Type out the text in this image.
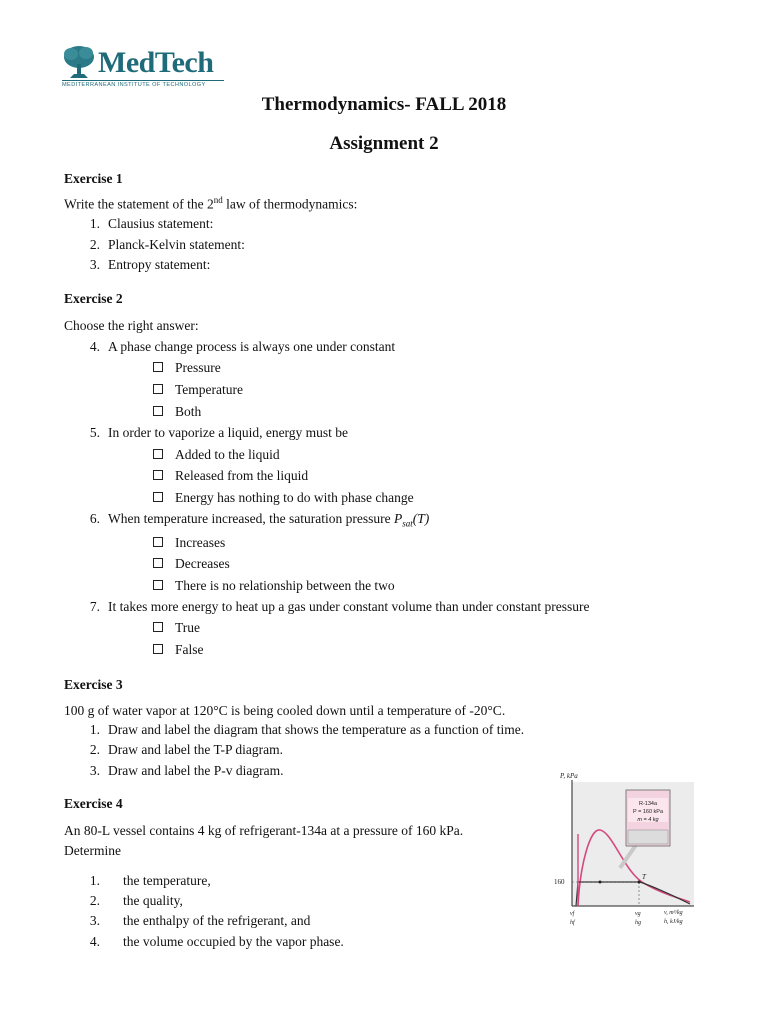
MedTech
MEDITERRANEAN INSTITUTE OF TECHNOLOGY
Thermodynamics- FALL 2018
Assignment 2
Exercise 1
Write the statement of the 2nd law of thermodynamics:
1. Clausius statement:
2. Planck-Kelvin statement:
3. Entropy statement:
Exercise 2
Choose the right answer:
4. A phase change process is always one under constant
Pressure
Temperature
Both
5. In order to vaporize a liquid, energy must be
Added to the liquid
Released from the liquid
Energy has nothing to do with phase change
6. When temperature increased, the saturation pressure $P_{sat}(T)$
Increases
Decreases
There is no relationship between the two
7. It takes more energy to heat up a gas under constant volume than under constant pressure
True
False
Exercise 3
100 g of water vapor at 120°C is being cooled down until a temperature of -20°C.
1. Draw and label the diagram that shows the temperature as a function of time.
2. Draw and label the T-P diagram.
3. Draw and label the P-v diagram.
Exercise 4
An 80-L vessel contains 4 kg of refrigerant-134a at a pressure of 160 kPa.
Determine
1. the temperature,
2. the quality,
3. the enthalpy of the refrigerant, and
4. the volume occupied by the vapor phase.
P, kPa
R-134a
P = 160 kPa
m = 4 kg
160
T
v, m³/kg
h, kJ/kg
vf
hf
vg
hg
